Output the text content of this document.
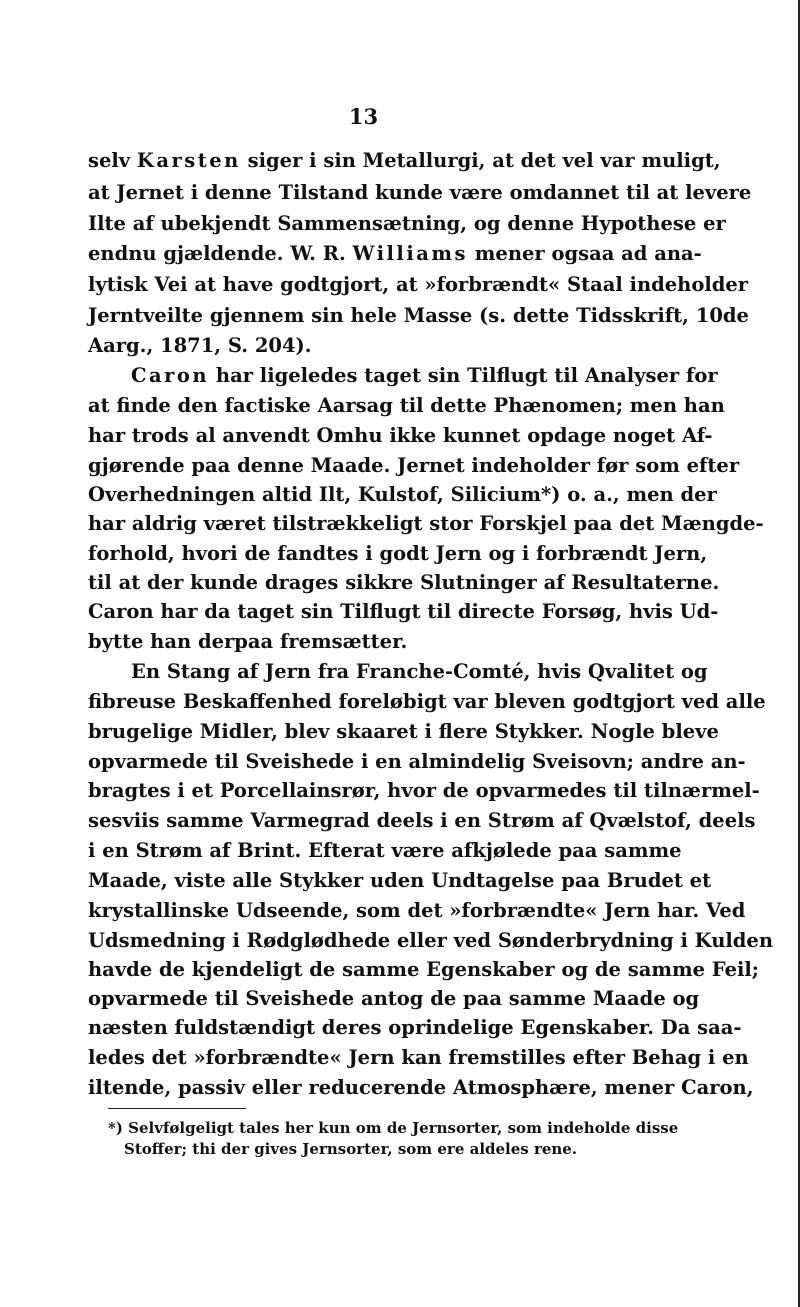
13
selv Karsten siger i sin Metallurgi, at det vel var muligt,
at Jernet i denne Tilstand kunde være omdannet til at levere
Ilte af ubekjendt Sammensætning, og denne Hypothese er
endnu gjældende. W. R. Williams mener ogsaa ad ana-
lytisk Vei at have godtgjort, at »forbrændt« Staal indeholder
Jerntveilte gjennem sin hele Masse (s. dette Tidsskrift, 10de
Aarg., 1871, S. 204).
Caron har ligeledes taget sin Tilflugt til Analyser for
at finde den factiske Aarsag til dette Phænomen; men han
har trods al anvendt Omhu ikke kunnet opdage noget Af-
gjørende paa denne Maade. Jernet indeholder før som efter
Overhedningen altid Ilt, Kulstof, Silicium*) o. a., men der
har aldrig været tilstrækkeligt stor Forskjel paa det Mængde-
forhold, hvori de fandtes i godt Jern og i forbrændt Jern,
til at der kunde drages sikkre Slutninger af Resultaterne.
Caron har da taget sin Tilflugt til directe Forsøg, hvis Ud-
bytte han derpaa fremsætter.
En Stang af Jern fra Franche-Comté, hvis Qvalitet og
fibreuse Beskaffenhed foreløbigt var bleven godtgjort ved alle
brugelige Midler, blev skaaret i flere Stykker. Nogle bleve
opvarmede til Sveishede i en almindelig Sveisovn; andre an-
bragtes i et Porcellainsrør, hvor de opvarmedes til tilnærmel-
sesviis samme Varmegrad deels i en Strøm af Qvælstof, deels
i en Strøm af Brint. Efterat være afkjølede paa samme
Maade, viste alle Stykker uden Undtagelse paa Brudet et
krystallinske Udseende, som det »forbrændte« Jern har. Ved
Udsmedning i Rødglødhede eller ved Sønderbrydning i Kulden
havde de kjendeligt de samme Egenskaber og de samme Feil;
opvarmede til Sveishede antog de paa samme Maade og
næsten fuldstændigt deres oprindelige Egenskaber. Da saa-
ledes det »forbrændte« Jern kan fremstilles efter Behag i en
iltende, passiv eller reducerende Atmosphære, mener Caron,
*) Selvfølgeligt tales her kun om de Jernsorter, som indeholde disse
Stoffer; thi der gives Jernsorter, som ere aldeles rene.
